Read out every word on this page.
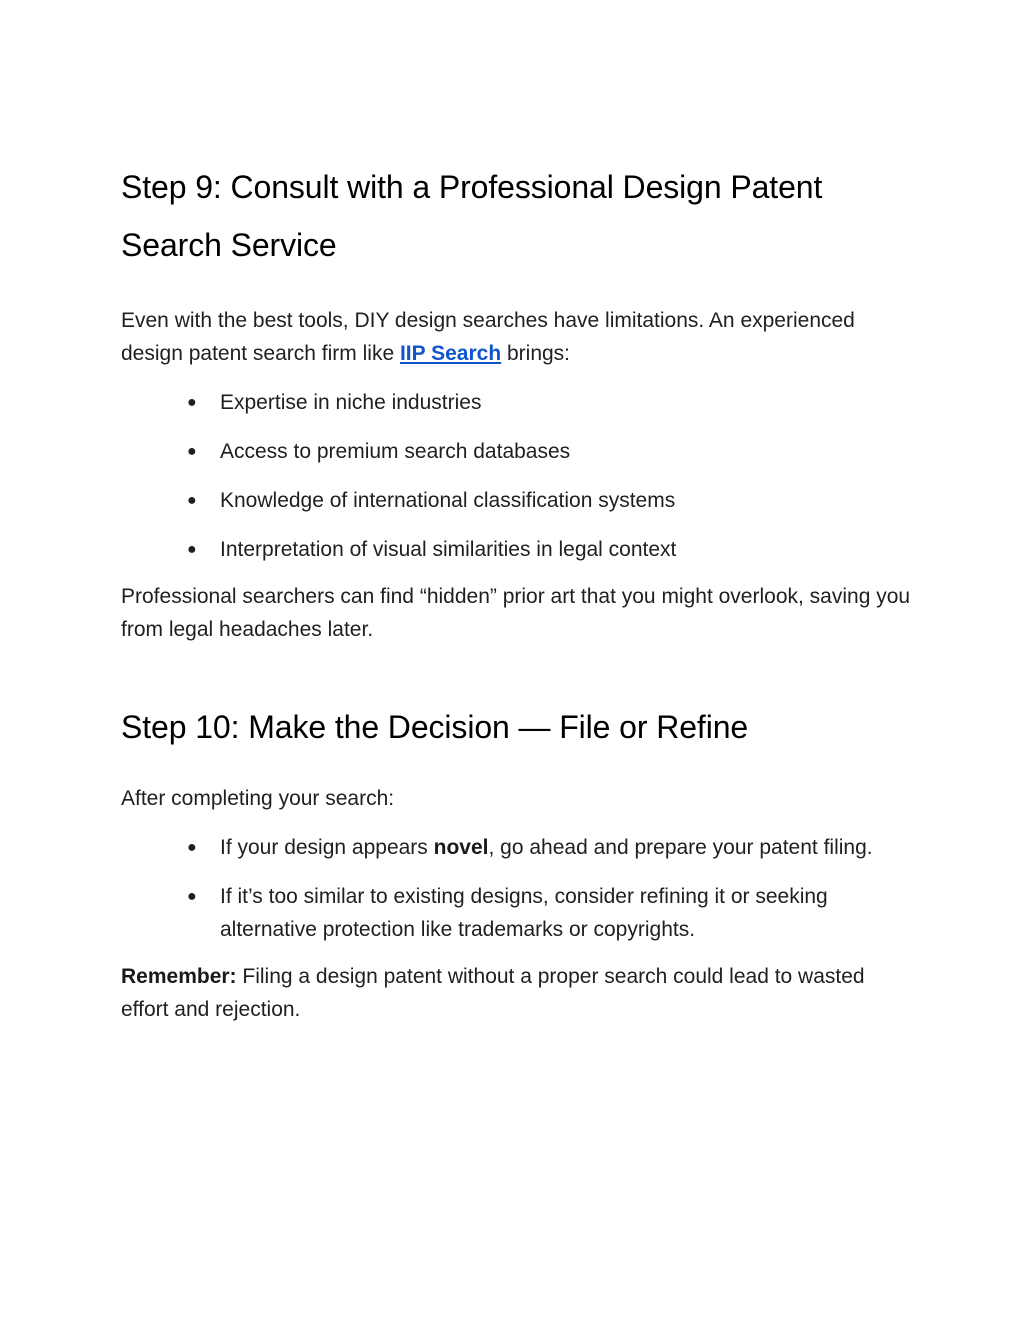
Step 9: Consult with a Professional Design Patent Search Service

Even with the best tools, DIY design searches have limitations. An experienced design patent search firm like IIP Search brings:

●	Expertise in niche industries
●	Access to premium search databases
●	Knowledge of international classification systems
●	Interpretation of visual similarities in legal context

Professional searchers can find “hidden” prior art that you might overlook, saving you from legal headaches later.

Step 10: Make the Decision — File or Refine

After completing your search:

●	If your design appears novel, go ahead and prepare your patent filing.
●	If it’s too similar to existing designs, consider refining it or seeking alternative protection like trademarks or copyrights.

Remember: Filing a design patent without a proper search could lead to wasted effort and rejection.
